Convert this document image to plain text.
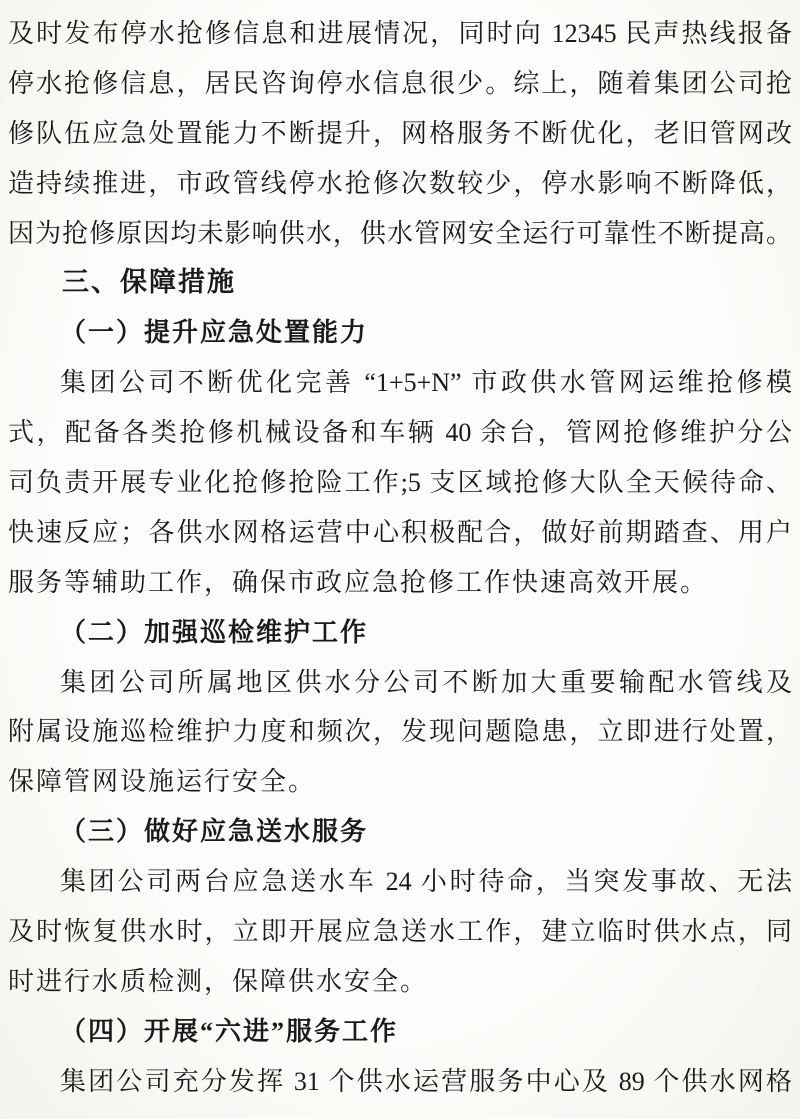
及时发布停水抢修信息和进展情况，同时向 12345 民声热线报备
停水抢修信息，居民咨询停水信息很少。综上，随着集团公司抢
修队伍应急处置能力不断提升，网格服务不断优化，老旧管网改
造持续推进，市政管线停水抢修次数较少，停水影响不断降低，
因为抢修原因均未影响供水，供水管网安全运行可靠性不断提高。
三、保障措施
（一）提升应急处置能力
集团公司不断优化完善 “1+5+N” 市政供水管网运维抢修模
式，配备各类抢修机械设备和车辆 40 余台，管网抢修维护分公
司负责开展专业化抢修抢险工作;5 支区域抢修大队全天候待命、
快速反应；各供水网格运营中心积极配合，做好前期踏查、用户
服务等辅助工作，确保市政应急抢修工作快速高效开展。
（二）加强巡检维护工作
集团公司所属地区供水分公司不断加大重要输配水管线及
附属设施巡检维护力度和频次，发现问题隐患，立即进行处置，
保障管网设施运行安全。
（三）做好应急送水服务
集团公司两台应急送水车 24 小时待命，当突发事故、无法
及时恢复供水时，立即开展应急送水工作，建立临时供水点，同
时进行水质检测，保障供水安全。
（四）开展“六进”服务工作
集团公司充分发挥 31 个供水运营服务中心及 89 个供水网格
